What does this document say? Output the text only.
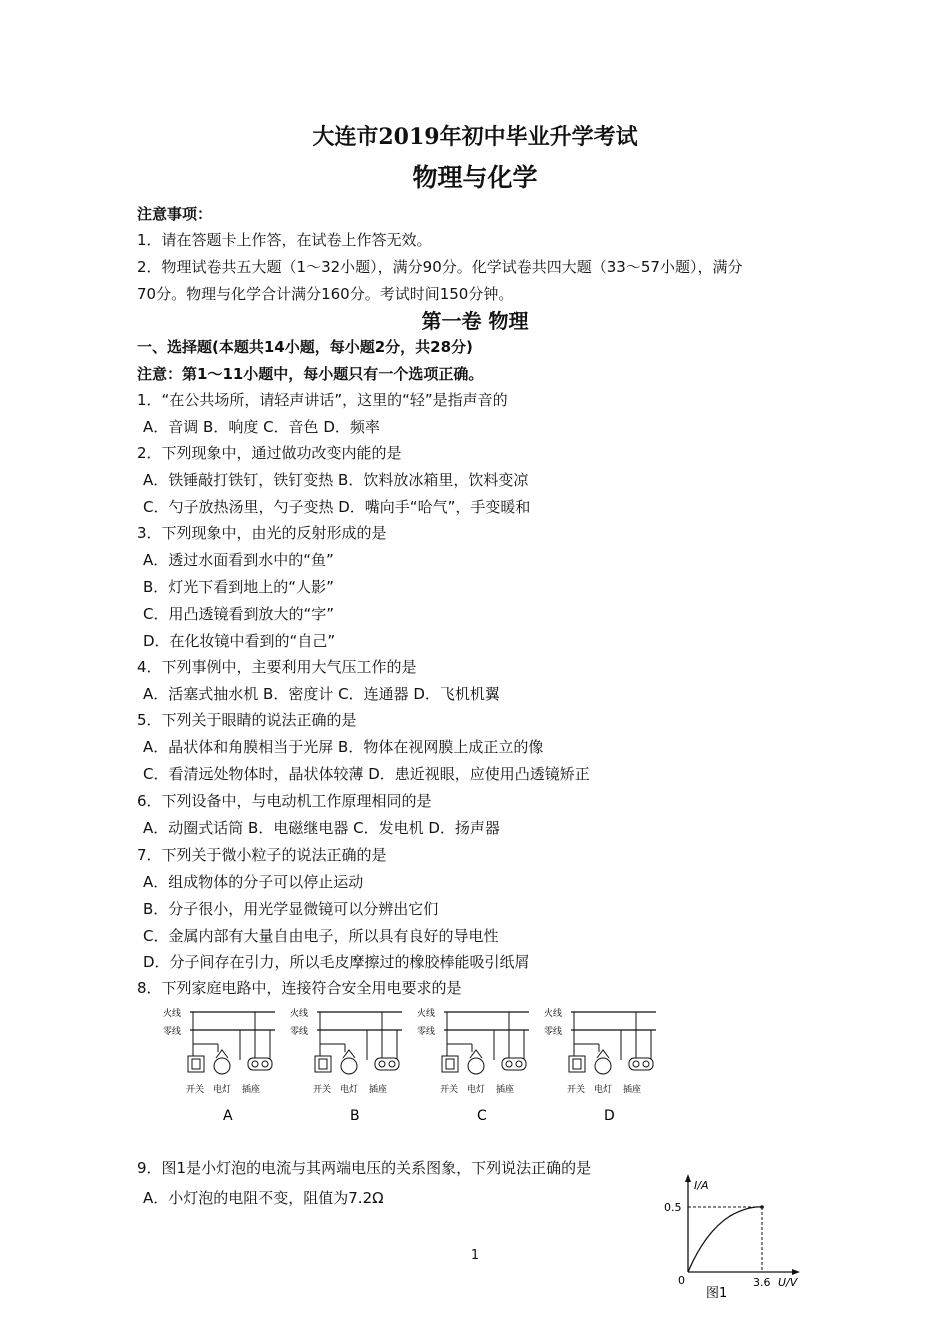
大连市2019年初中毕业升学考试
物理与化学
注意事项：
1．请在答题卡上作答，在试卷上作答无效。
2．物理试卷共五大题（1～32小题），满分90分。化学试卷共四大题（33～57小题），满分
70分。物理与化学合计满分160分。考试时间150分钟。
第一卷 物理
一、选择题(本题共14小题，每小题2分，共28分)
注意：第1～11小题中，每小题只有一个选项正确。
1．“在公共场所，请轻声讲话”，这里的“轻”是指声音的
A．音调 B．响度 C．音色 D．频率
2．下列现象中，通过做功改变内能的是
A．铁锤敲打铁钉，铁钉变热 B．饮料放冰箱里，饮料变凉
C．勺子放热汤里，勺子变热 D．嘴向手“哈气”，手变暖和
3．下列现象中，由光的反射形成的是
A．透过水面看到水中的“鱼”
B．灯光下看到地上的“人影”
C．用凸透镜看到放大的“字”
D．在化妆镜中看到的“自己”
4．下列事例中，主要利用大气压工作的是
A．活塞式抽水机 B．密度计 C．连通器 D．飞机机翼
5．下列关于眼睛的说法正确的是
A．晶状体和角膜相当于光屏 B．物体在视网膜上成正立的像
C．看清远处物体时，晶状体较薄 D．患近视眼，应使用凸透镜矫正
6．下列设备中，与电动机工作原理相同的是
A．动圈式话筒 B．电磁继电器 C．发电机 D．扬声器
7．下列关于微小粒子的说法正确的是
A．组成物体的分子可以停止运动
B．分子很小，用光学显微镜可以分辨出它们
C．金属内部有大量自由电子，所以具有良好的导电性
D．分子间存在引力，所以毛皮摩擦过的橡胶棒能吸引纸屑
8．下列家庭电路中，连接符合安全用电要求的是
火线
零线
开关 电灯 插座
A
火线
零线
开关 电灯 插座
B
火线
零线
开关 电灯 插座
C
火线
零线
开关 电灯 插座
D
9．图1是小灯泡的电流与其两端电压的关系图象，下列说法正确的是
A．小灯泡的电阻不变，阻值为7.2Ω
I/A
U/V
0.5
3.6
0
图1
1
